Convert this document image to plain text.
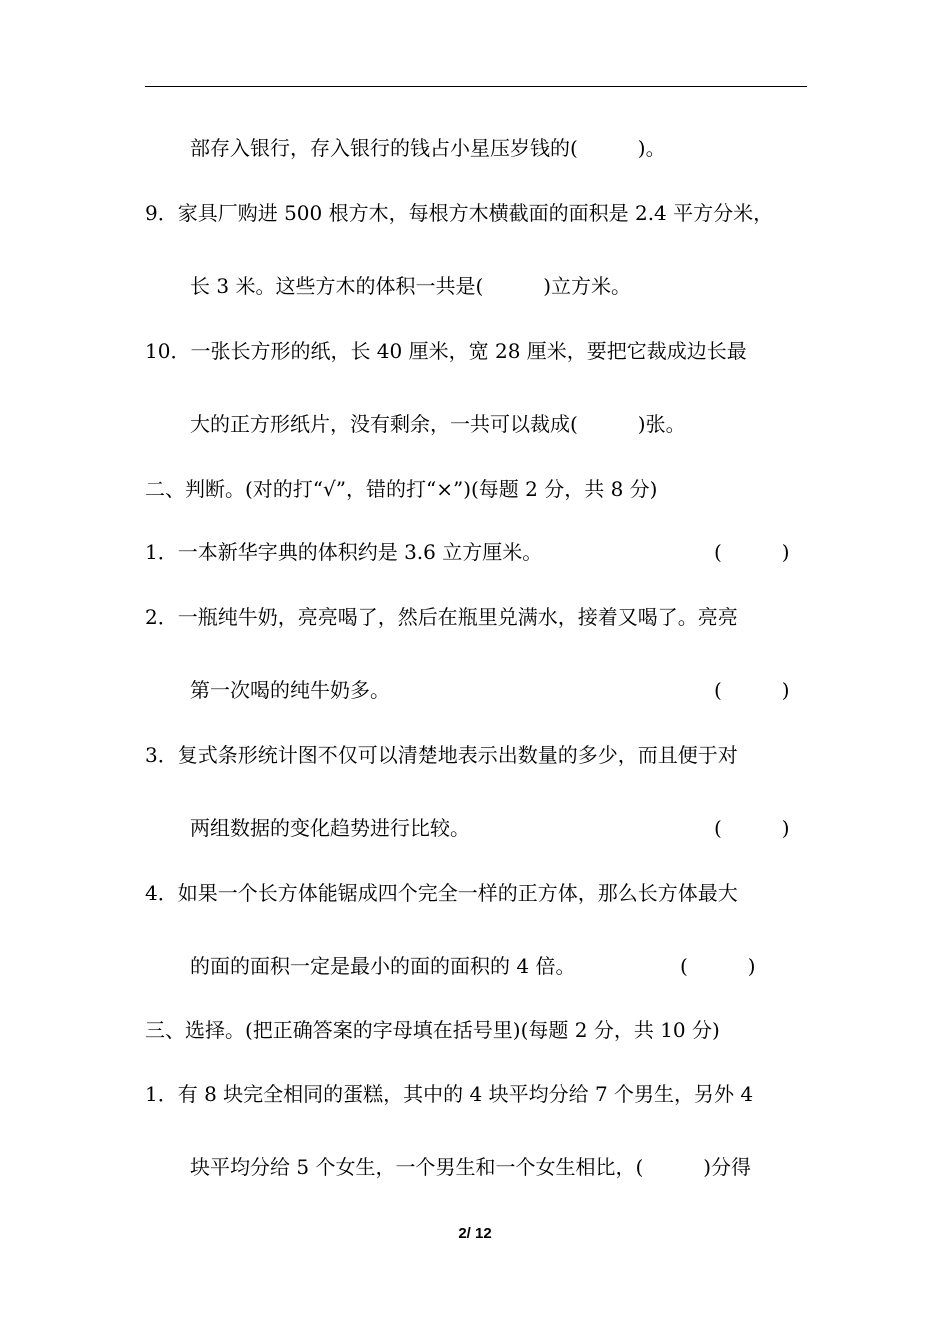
部存入银行，存入银行的钱占小星压岁钱的(　　　)。
9．家具厂购进 500 根方木，每根方木横截面的面积是 2.4 平方分米，
长 3 米。这些方木的体积一共是(　　　)立方米。
10．一张长方形的纸，长 40 厘米，宽 28 厘米，要把它裁成边长最
大的正方形纸片，没有剩余，一共可以裁成(　　　)张。
二、判断。(对的打“√”，错的打“×”)(每题 2 分，共 8 分)
1．一本新华字典的体积约是 3.6 立方厘米。	(　　　)
2．一瓶纯牛奶，亮亮喝了，然后在瓶里兑满水，接着又喝了。亮亮
第一次喝的纯牛奶多。	(　　　)
3．复式条形统计图不仅可以清楚地表示出数量的多少，而且便于对
两组数据的变化趋势进行比较。	(　　　)
4．如果一个长方体能锯成四个完全一样的正方体，那么长方体最大
的面的面积一定是最小的面的面积的 4 倍。	(　　　)
三、选择。(把正确答案的字母填在括号里)(每题 2 分，共 10 分)
1．有 8 块完全相同的蛋糕，其中的 4 块平均分给 7 个男生，另外 4
块平均分给 5 个女生，一个男生和一个女生相比，(　　　)分得
2/ 12
